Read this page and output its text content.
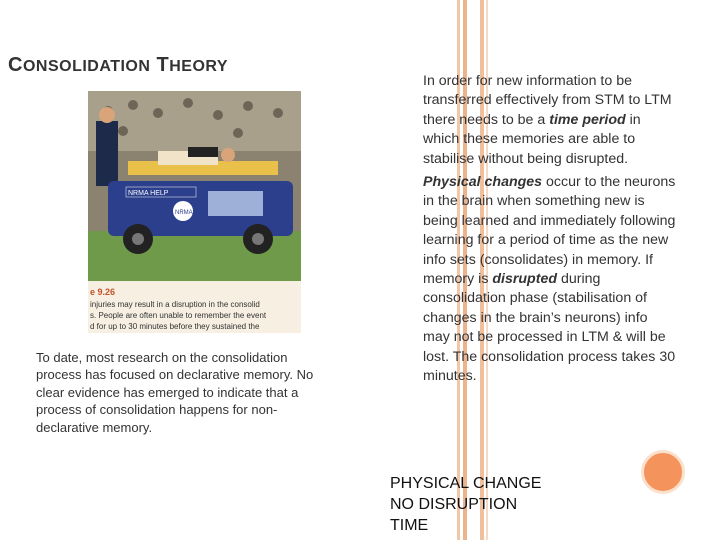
CONSOLIDATION THEORY
NRMA HELP
NRMA
e 9.26
injuries may result in a disruption in the consolid
s. People are often unable to remember the event
d for up to 30 minutes before they sustained the
To date, most research on the consolidation process has focused on declarative memory. No clear evidence has emerged to indicate that a process of consolidation happens for non-declarative memory.

In order for new information to be transferred effectively from STM to LTM there needs to be a time period in which these memories are able to stabilise without being disrupted.

Physical changes occur to the neurons in the brain when something new is being learned and immediately following learning for a period of time as the new info sets (consolidates) in memory. If memory is disrupted during consolidation phase (stabilisation of changes in the brain’s neurons) info may not be processed in LTM & will be lost. The consolidation process takes 30 minutes.

PHYSICAL CHANGE
NO DISRUPTION
TIME
